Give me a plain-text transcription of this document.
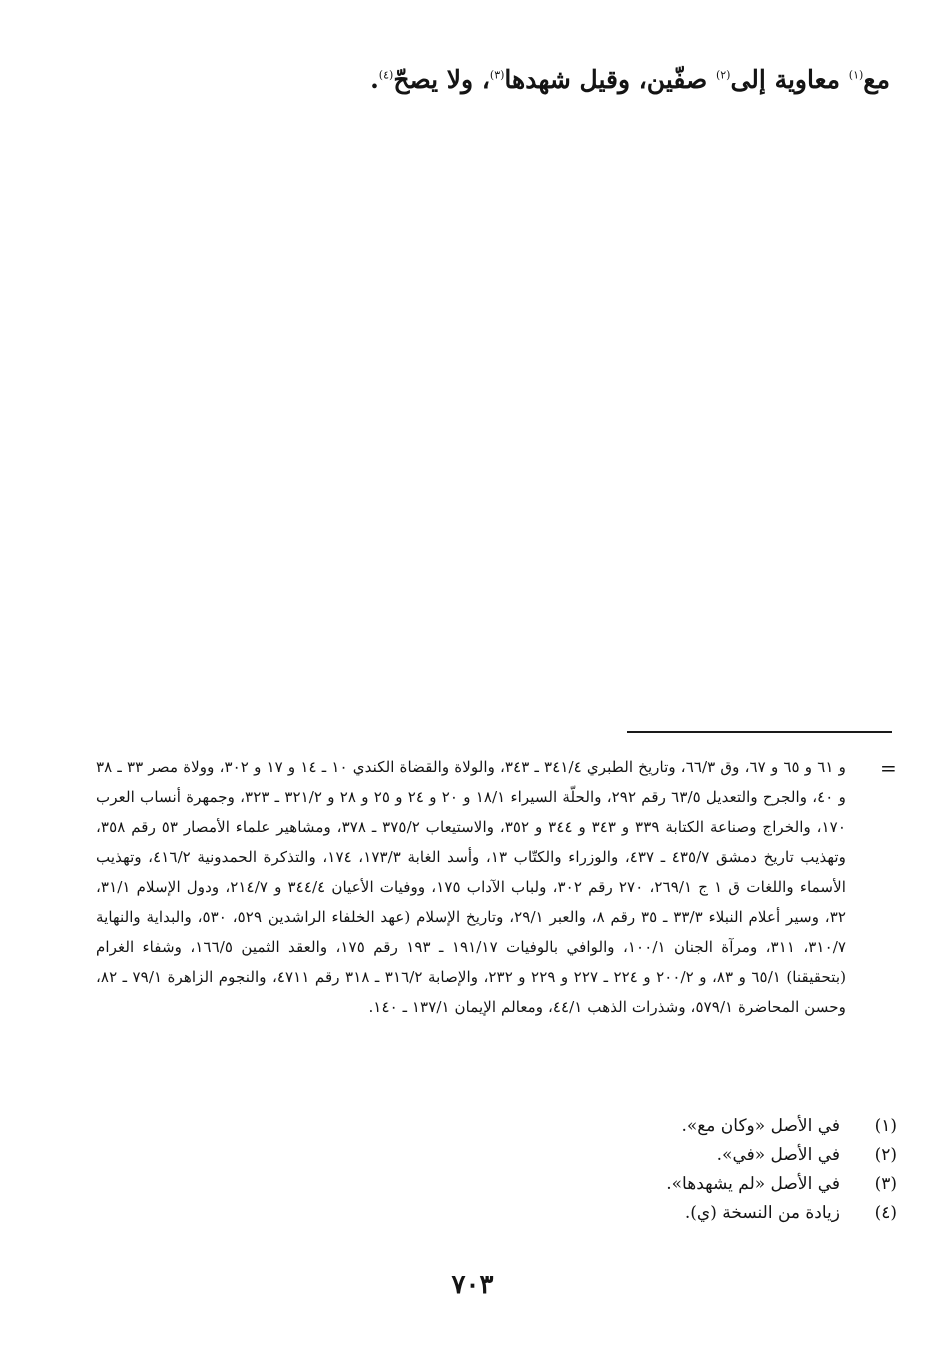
مع$^{(١)}$ معاوية إلى$^{(٢)}$ صفّين، وقيل شهدها$^{(٣)}$، ولا يصحّ$^{(٤)}$.
=
و ٦١ و ٦٥ و ٦٧، وق ٦٦/٣، وتاريخ الطبري ٣٤١/٤ ـ ٣٤٣، والولاة والقضاة الكندي ١٠ ـ ١٤ و ١٧ و ٣٠٢، وولاة مصر ٣٣ ـ ٣٨ و ٤٠، والجرح والتعديل ٦٣/٥ رقم ٢٩٢، والحلّة السيراء ١٨/١ و ٢٠ و ٢٤ و ٢٥ و ٢٨ و ٣٢١/٢ ـ ٣٢٣، وجمهرة أنساب العرب ١٧٠، والخراج وصناعة الكتابة ٣٣٩ و ٣٤٣ و ٣٤٤ و ٣٥٢، والاستيعاب ٣٧٥/٢ ـ ٣٧٨، ومشاهير علماء الأمصار ٥٣ رقم ٣٥٨، وتهذيب تاريخ دمشق ٤٣٥/٧ ـ ٤٣٧، والوزراء والكتّاب ١٣، وأسد الغابة ١٧٣/٣، ١٧٤، والتذكرة الحمدونية ٤١٦/٢، وتهذيب الأسماء واللغات ق ١ ج ٢٦٩/١، ٢٧٠ رقم ٣٠٢، ولباب الآداب ١٧٥، ووفيات الأعيان ٣٤٤/٤ و ٢١٤/٧، ودول الإسلام ٣١/١، ٣٢، وسير أعلام النبلاء ٣٣/٣ ـ ٣٥ رقم ٨، والعبر ٢٩/١، وتاريخ الإسلام (عهد الخلفاء الراشدين ٥٢٩، ٥٣٠، والبداية والنهاية ٣١٠/٧، ٣١١، ومرآة الجنان ١٠٠/١، والوافي بالوفيات ١٩١/١٧ ـ ١٩٣ رقم ١٧٥، والعقد الثمين ١٦٦/٥، وشفاء الغرام (بتحقيقنا) ٦٥/١ و ٨٣، و ٢٠٠/٢ و ٢٢٤ ـ ٢٢٧ و ٢٢٩ و ٢٣٢، والإصابة ٣١٦/٢ ـ ٣١٨ رقم ٤٧١١، والنجوم الزاهرة ٧٩/١ ـ ٨٢، وحسن المحاضرة ٥٧٩/١، وشذرات الذهب ٤٤/١، ومعالم الإيمان ١٣٧/١ ـ ١٤٠.
(١)
في الأصل «وكان مع».
(٢)
في الأصل «في».
(٣)
في الأصل «لم يشهدها».
(٤)
زيادة من النسخة (ي).
٧٠٣
